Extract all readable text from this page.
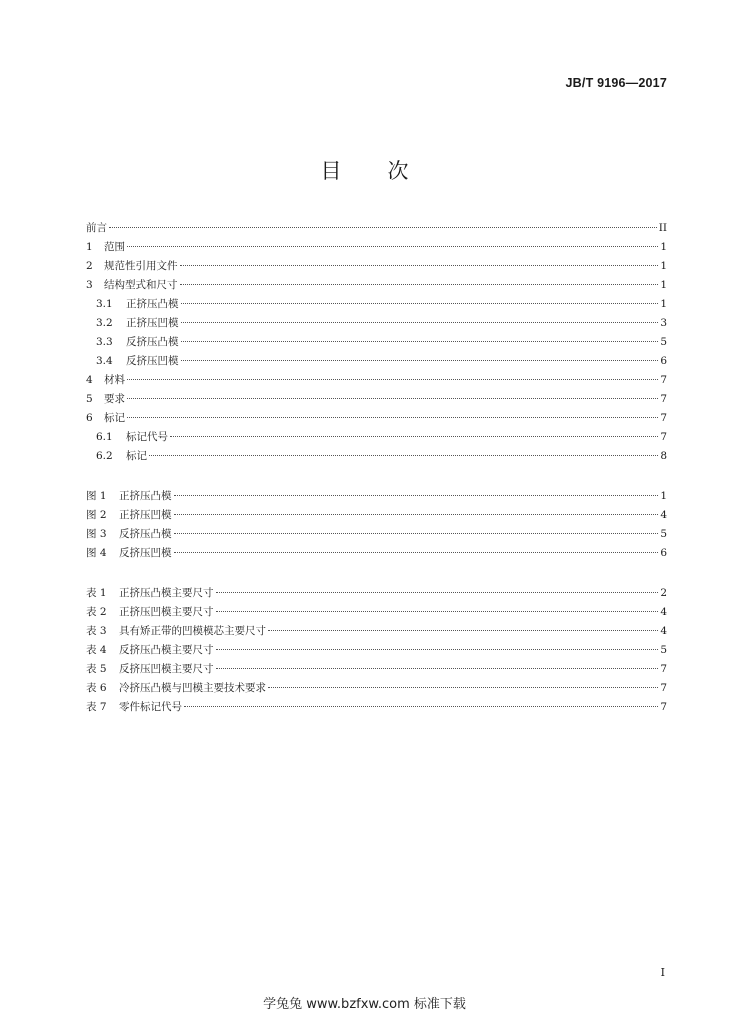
JB/T 9196—2017
目 次
前言	II
1	范围	1
2	规范性引用文件	1
3	结构型式和尺寸	1
3.1	正挤压凸模	1
3.2	正挤压凹模	3
3.3	反挤压凸模	5
3.4	反挤压凹模	6
4	材料	7
5	要求	7
6	标记	7
6.1	标记代号	7
6.2	标记	8
图 1	正挤压凸模	1
图 2	正挤压凹模	4
图 3	反挤压凸模	5
图 4	反挤压凹模	6
表 1	正挤压凸模主要尺寸	2
表 2	正挤压凹模主要尺寸	4
表 3	具有矫正带的凹模模芯主要尺寸	4
表 4	反挤压凸模主要尺寸	5
表 5	反挤压凹模主要尺寸	7
表 6	冷挤压凸模与凹模主要技术要求	7
表 7	零件标记代号	7
I
学兔兔 www.bzfxw.com 标准下载
